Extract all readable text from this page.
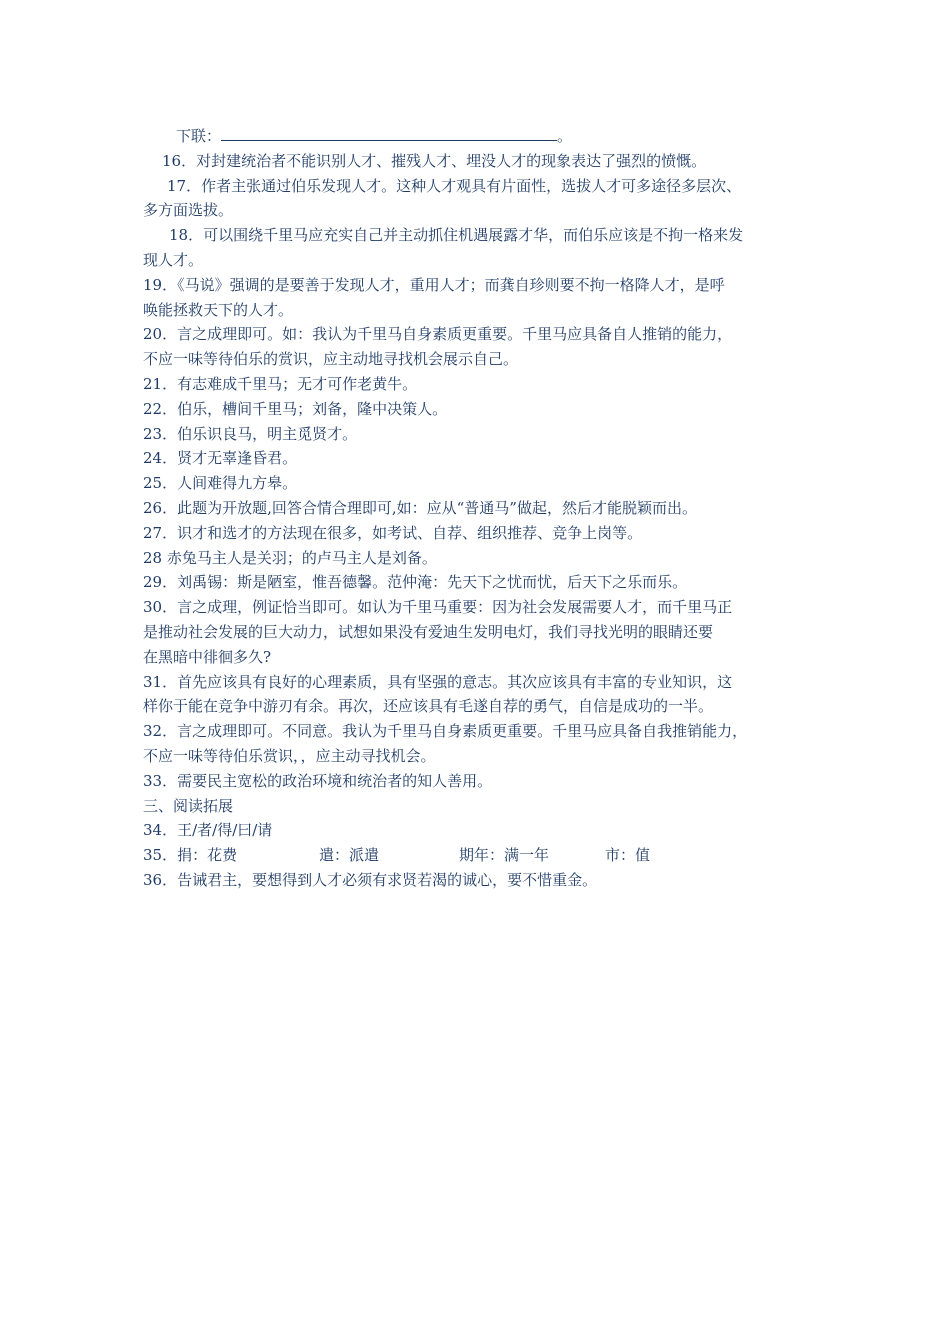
下联：	。
16．对封建统治者不能识别人才、摧残人才、埋没人才的现象表达了强烈的愤慨。
17．作者主张通过伯乐发现人才。这种人才观具有片面性，选拔人才可多途径多层次、
多方面选拔。
18．可以围绕千里马应充实自己并主动抓住机遇展露才华，而伯乐应该是不拘一格来发
现人才。
19．《马说》强调的是要善于发现人才，重用人才；而龚自珍则要不拘一格降人才，是呼
唤能拯救天下的人才。
20．言之成理即可。如：我认为千里马自身素质更重要。千里马应具备自人推销的能力，
不应一味等待伯乐的赏识，应主动地寻找机会展示自己。
21．有志难成千里马；无才可作老黄牛。
22．伯乐，槽间千里马；刘备，隆中决策人。
23．伯乐识良马，明主觅贤才。
24．贤才无辜逢昏君。
25．人间难得九方皋。
26．此题为开放题,回答合情合理即可,如：应从“普通马”做起，然后才能脱颖而出。
27．识才和选才的方法现在很多，如考试、自荐、组织推荐、竞争上岗等。
28 赤兔马主人是关羽；的卢马主人是刘备。
29．刘禹锡：斯是陋室，惟吾德馨。范仲淹：先天下之忧而忧，后天下之乐而乐。
30．言之成理，例证恰当即可。如认为千里马重要：因为社会发展需要人才，而千里马正
是推动社会发展的巨大动力，试想如果没有爱迪生发明电灯，我们寻找光明的眼睛还要
在黑暗中徘徊多久?
31．首先应该具有良好的心理素质，具有坚强的意志。其次应该具有丰富的专业知识，这
样你于能在竞争中游刃有余。再次，还应该具有毛遂自荐的勇气，自信是成功的一半。
32．言之成理即可。不同意。我认为千里马自身素质更重要。千里马应具备自我推销能力，
不应一味等待伯乐赏识，，应主动寻找机会。
33．需要民主宽松的政治环境和统治者的知人善用。
三、阅读拓展
34．王/者/得/曰/请
35．捐：花费	遣：派遣	期年：满一年	市：值
36．告诫君主，要想得到人才必须有求贤若渴的诚心，要不惜重金。
